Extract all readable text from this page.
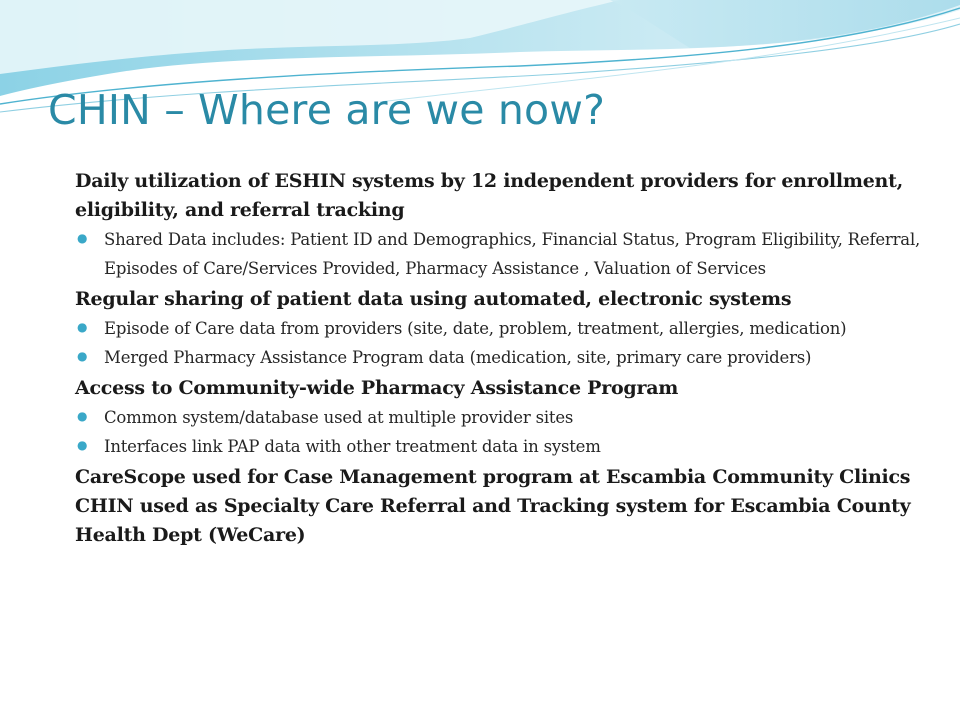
CHIN – Where are we now?

Daily utilization of ESHIN systems by 12 independent providers for enrollment, eligibility, and referral tracking

● Shared Data includes: Patient ID and Demographics, Financial Status, Program Eligibility, Referral, Episodes of Care/Services Provided, Pharmacy Assistance , Valuation of Services

Regular sharing of patient data using automated, electronic systems

● Episode of Care data from providers (site, date, problem, treatment, allergies, medication)
● Merged Pharmacy Assistance Program data (medication, site, primary care providers)

Access to Community-wide Pharmacy Assistance Program

● Common system/database used at multiple provider sites
● Interfaces link PAP data with other treatment data in system

CareScope used for Case Management program at Escambia Community Clinics

CHIN used as Specialty Care Referral and Tracking system for Escambia County Health Dept (WeCare)
